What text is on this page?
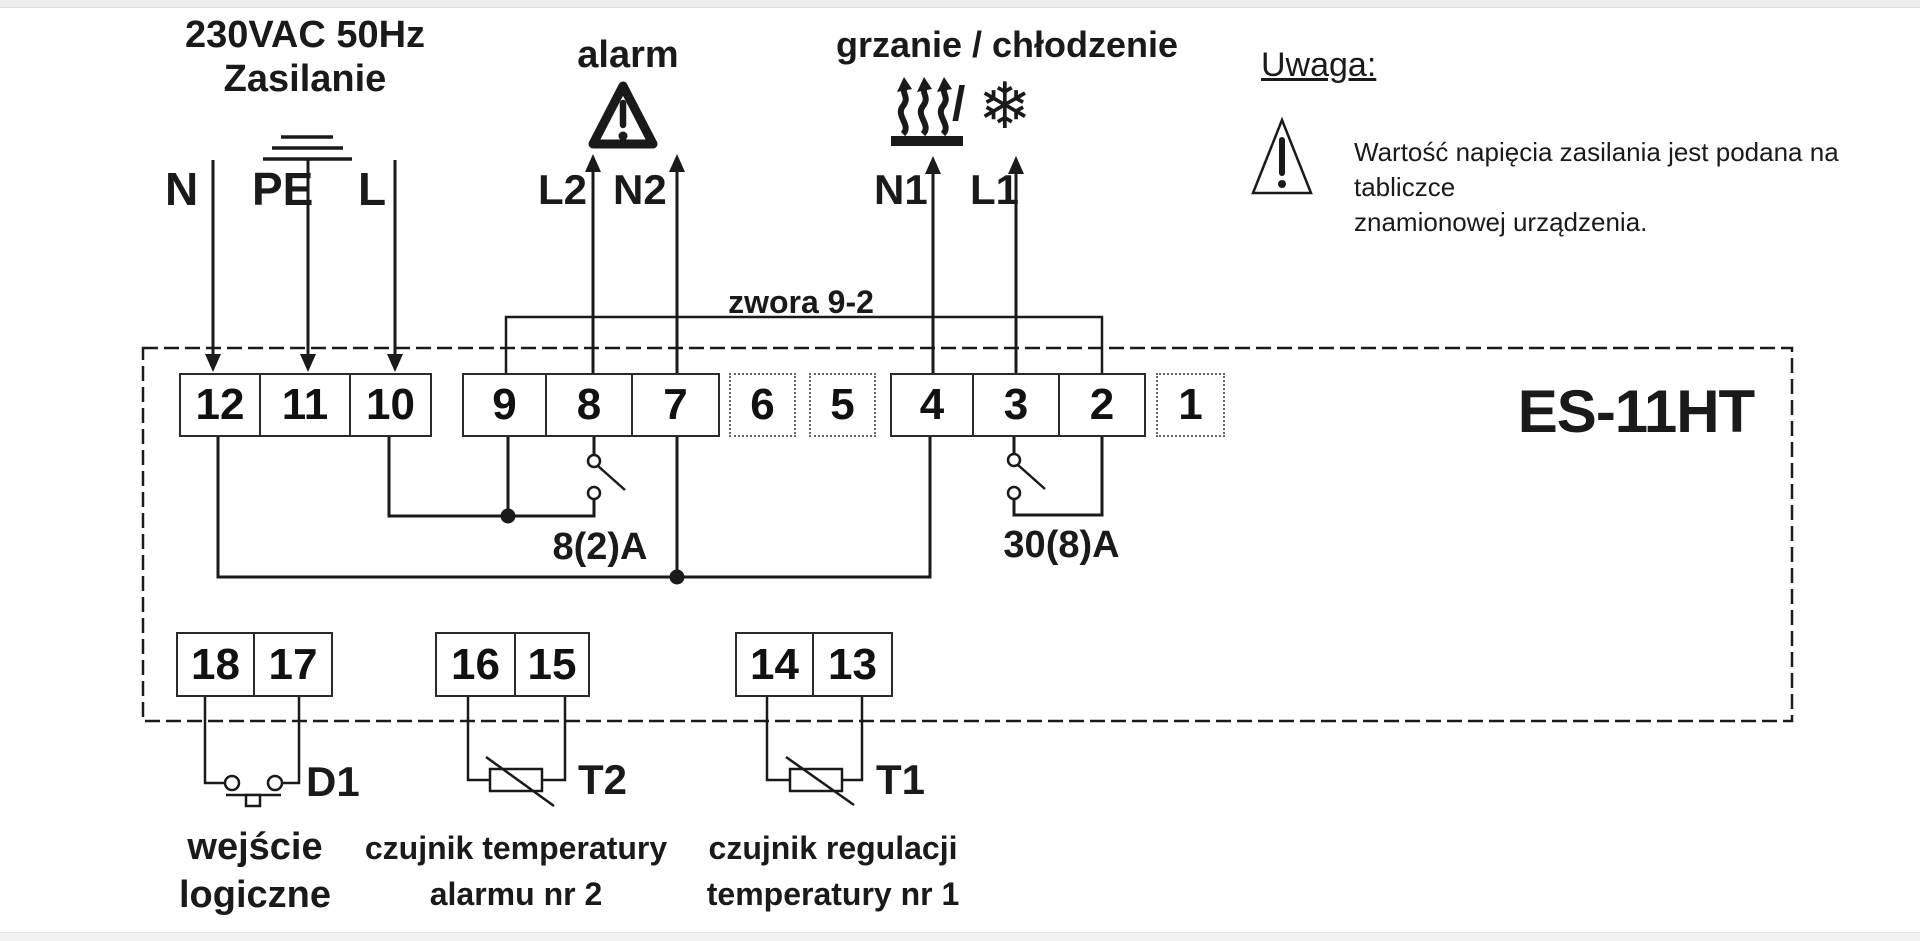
230VAC 50Hz
Zasilanie
N PE L
alarm
L2 N2
grzanie / chłodzenie
/ ❄
N1 L1
Uwaga:
Wartość napięcia zasilania jest podana na
tabliczce
znamionowej urządzenia.
zwora 9-2
ES-11HT
8(2)A	30(8)A
12 11 10 9 8 7 6 5 4 3 2 1
18 17	16 15	14 13
D1	T2	T1
wejście
logiczne
czujnik temperatury
alarmu nr 2
czujnik regulacji
temperatury nr 1
